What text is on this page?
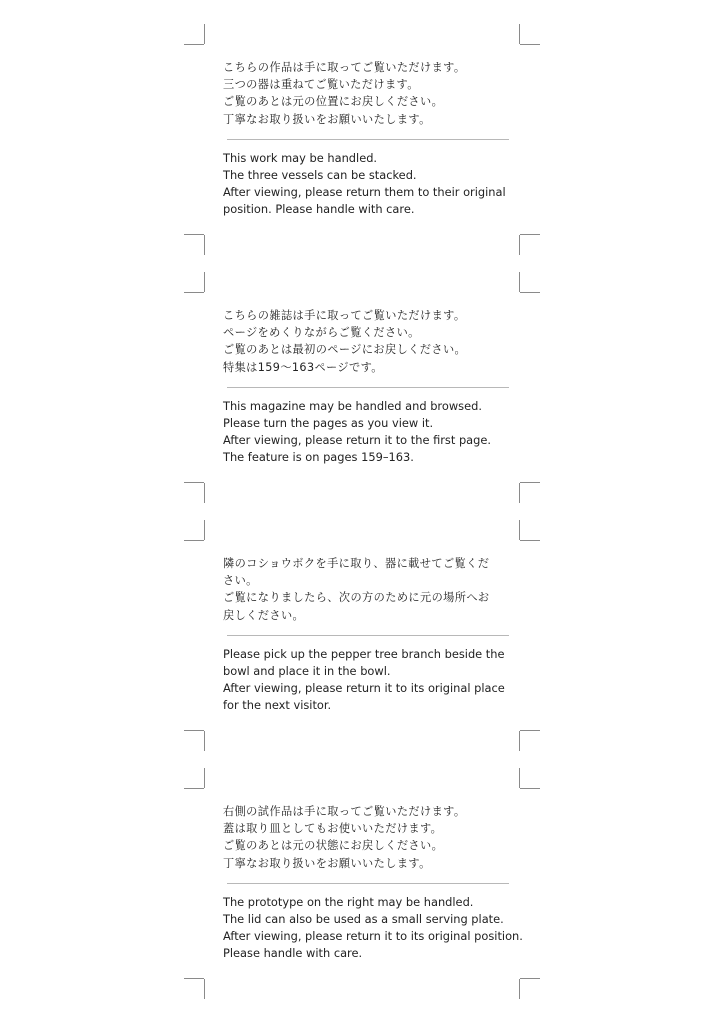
こちらの作品は手に取ってご覧いただけます。
三つの器は重ねてご覧いただけます。
ご覧のあとは元の位置にお戻しください。
丁寧なお取り扱いをお願いいたします。
This work may be handled.
The three vessels can be stacked.
After viewing, please return them to their original
position. Please handle with care.
こちらの雑誌は手に取ってご覧いただけます。
ページをめくりながらご覧ください。
ご覧のあとは最初のページにお戻しください。
特集は159〜163ページです。
This magazine may be handled and browsed.
Please turn the pages as you view it.
After viewing, please return it to the first page.
The feature is on pages 159–163.
隣のコショウボクを手に取り、器に載せてご覧くだ
さい。
ご覧になりましたら、次の方のために元の場所へお
戻しください。
Please pick up the pepper tree branch beside the
bowl and place it in the bowl.
After viewing, please return it to its original place
for the next visitor.
右側の試作品は手に取ってご覧いただけます。
蓋は取り皿としてもお使いいただけます。
ご覧のあとは元の状態にお戻しください。
丁寧なお取り扱いをお願いいたします。
The prototype on the right may be handled.
The lid can also be used as a small serving plate.
After viewing, please return it to its original position.
Please handle with care.
